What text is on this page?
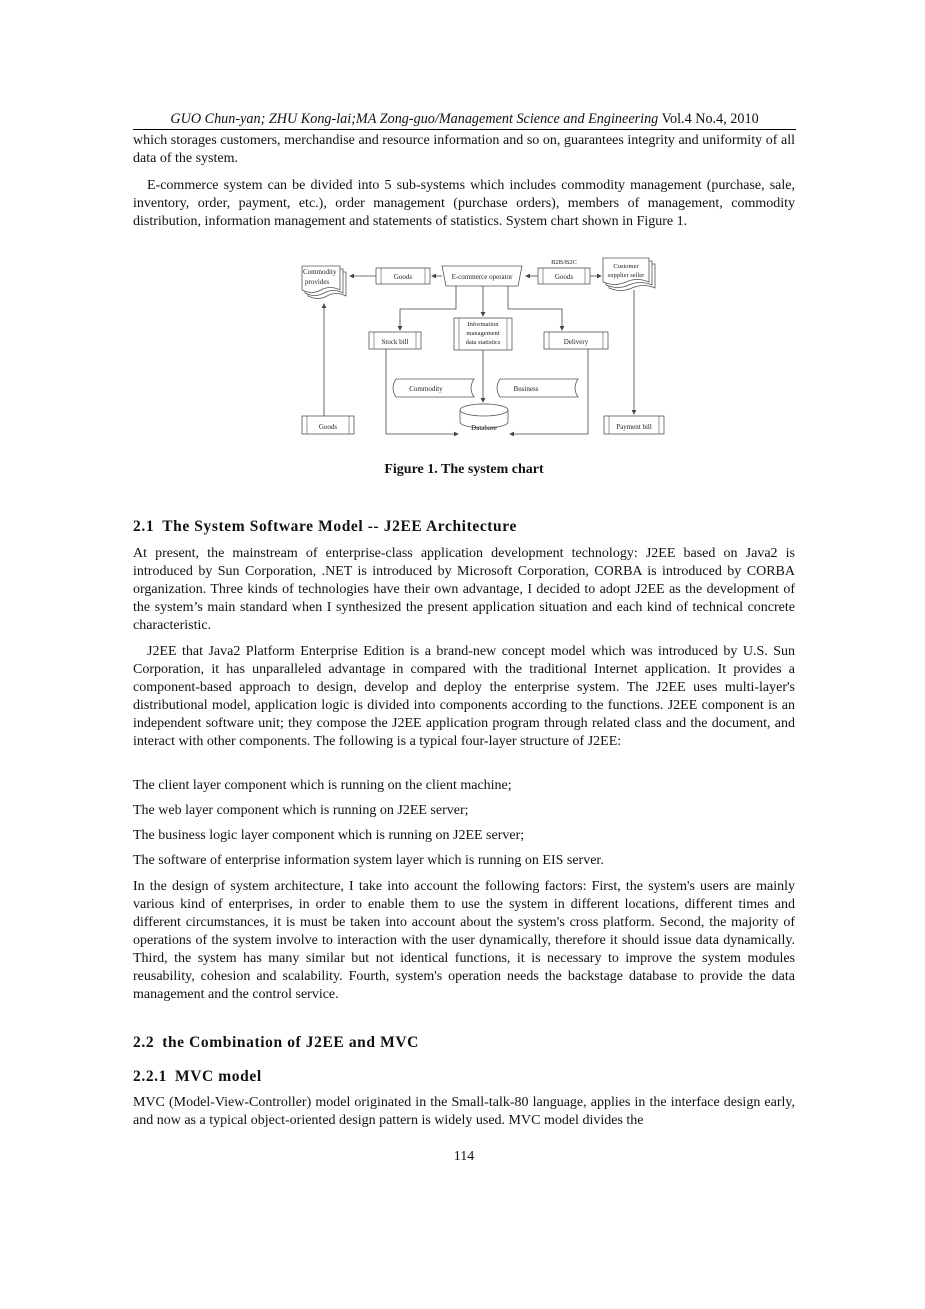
GUO Chun-yan; ZHU Kong-lai;MA Zong-guo/Management Science and Engineering Vol.4 No.4, 2010

which storages customers, merchandise and resource information and so on, guarantees integrity and uniformity of all data of the system.

E-commerce system can be divided into 5 sub-systems which includes commodity management (purchase, sale, inventory, order, payment, etc.), order management (purchase orders), members of management, commodity distribution, information management and statements of statistics. System chart shown in Figure 1.

Commodity
provides
Goods	E-commerce operator
B2B/B2C
Goods
Customer
supplier seller
Information
management
data statistics
Stock bill	Delivery
Commodity	Business
Database
Goods	Payment bill
Figure 1. The system chart
2.1 The System Software Model -- J2EE Architecture

At present, the mainstream of enterprise-class application development technology: J2EE based on Java2 is introduced by Sun Corporation, .NET is introduced by Microsoft Corporation, CORBA is introduced by CORBA organization. Three kinds of technologies have their own advantage, I decided to adopt J2EE as the development of the system’s main standard when I synthesized the present application situation and each kind of technical concrete characteristic.

J2EE that Java2 Platform Enterprise Edition is a brand-new concept model which was introduced by U.S. Sun Corporation, it has unparalleled advantage in compared with the traditional Internet application. It provides a component-based approach to design, develop and deploy the enterprise system. The J2EE uses multi-layer's distributional model, application logic is divided into components according to the functions. J2EE component is an independent software unit; they compose the J2EE application program through related class and the document, and interact with other components. The following is a typical four-layer structure of J2EE:

The client layer component which is running on the client machine;

The web layer component which is running on J2EE server;

The business logic layer component which is running on J2EE server;

The software of enterprise information system layer which is running on EIS server.

In the design of system architecture, I take into account the following factors: First, the system's users are mainly various kind of enterprises, in order to enable them to use the system in different locations, different times and different circumstances, it is must be taken into account about the system's cross platform. Second, the majority of operations of the system involve to interaction with the user dynamically, therefore it should issue data dynamically. Third, the system has many similar but not identical functions, it is necessary to improve the system modules reusability, cohesion and scalability. Fourth, system's operation needs the backstage database to provide the data management and the control service.

2.2 the Combination of J2EE and MVC
2.2.1 MVC model

MVC (Model-View-Controller) model originated in the Small-talk-80 language, applies in the interface design early, and now as a typical object-oriented design pattern is widely used. MVC model divides the

114
